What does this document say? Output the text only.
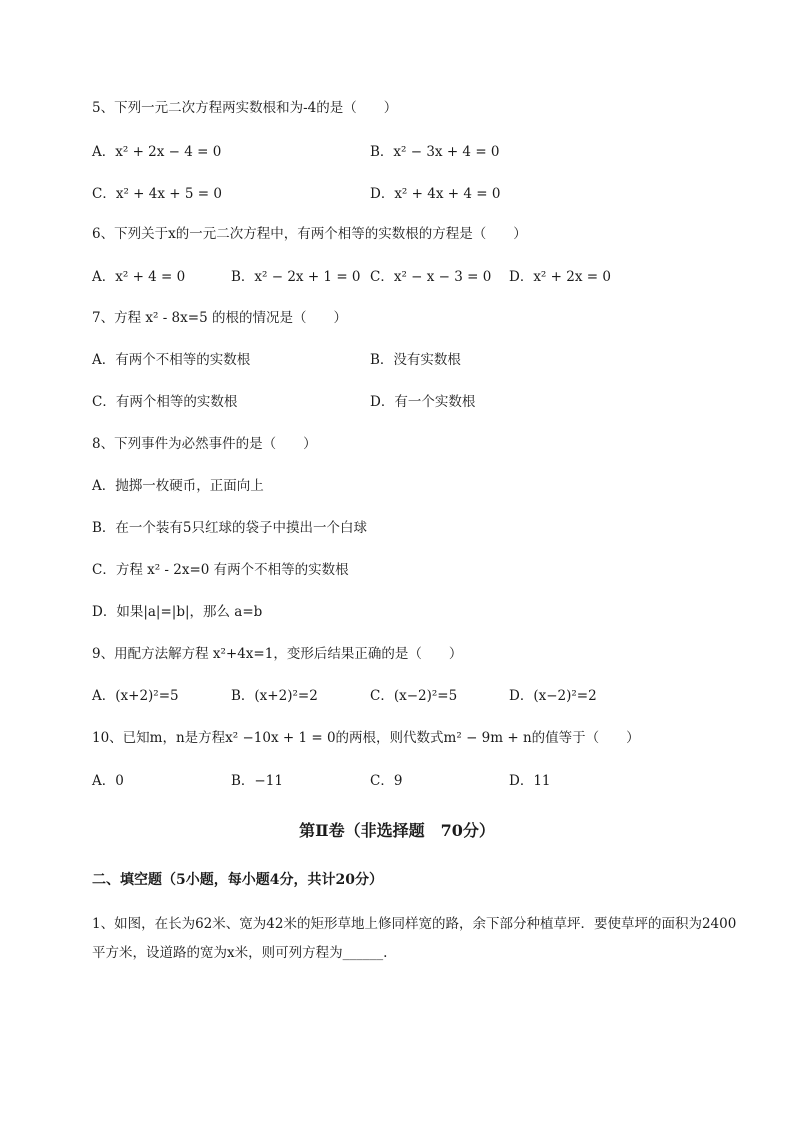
5、下列一元二次方程两实数根和为-4的是（　　）
A．x² + 2x − 4 = 0	B．x² − 3x + 4 = 0
C．x² + 4x + 5 = 0	D．x² + 4x + 4 = 0
6、下列关于x的一元二次方程中，有两个相等的实数根的方程是（　　）
A．x² + 4 = 0	B．x² − 2x + 1 = 0 C．x² − x − 3 = 0 D．x² + 2x = 0
7、方程 x² - 8x=5 的根的情况是（　　）
A．有两个不相等的实数根	B．没有实数根
C．有两个相等的实数根	D．有一个实数根
8、下列事件为必然事件的是（　　）
A．抛掷一枚硬币，正面向上
B．在一个装有5只红球的袋子中摸出一个白球
C．方程 x² - 2x=0 有两个不相等的实数根
D．如果|a|=|b|，那么 a=b
9、用配方法解方程 x²+4x=1，变形后结果正确的是（　　）
A．(x+2)²=5	B．(x+2)²=2	C．(x−2)²=5	D．(x−2)²=2
10、已知m，n是方程x² −10x + 1 = 0的两根，则代数式m² − 9m + n的值等于（　　）
A．0	B．−11	C．9	D．11
第Ⅱ卷（非选择题　70分）
二、填空题（5小题，每小题4分，共计20分）
1、如图，在长为62米、宽为42米的矩形草地上修同样宽的路，余下部分种植草坪．要使草坪的面积为2400平方米，设道路的宽为x米，则可列方程为______.
